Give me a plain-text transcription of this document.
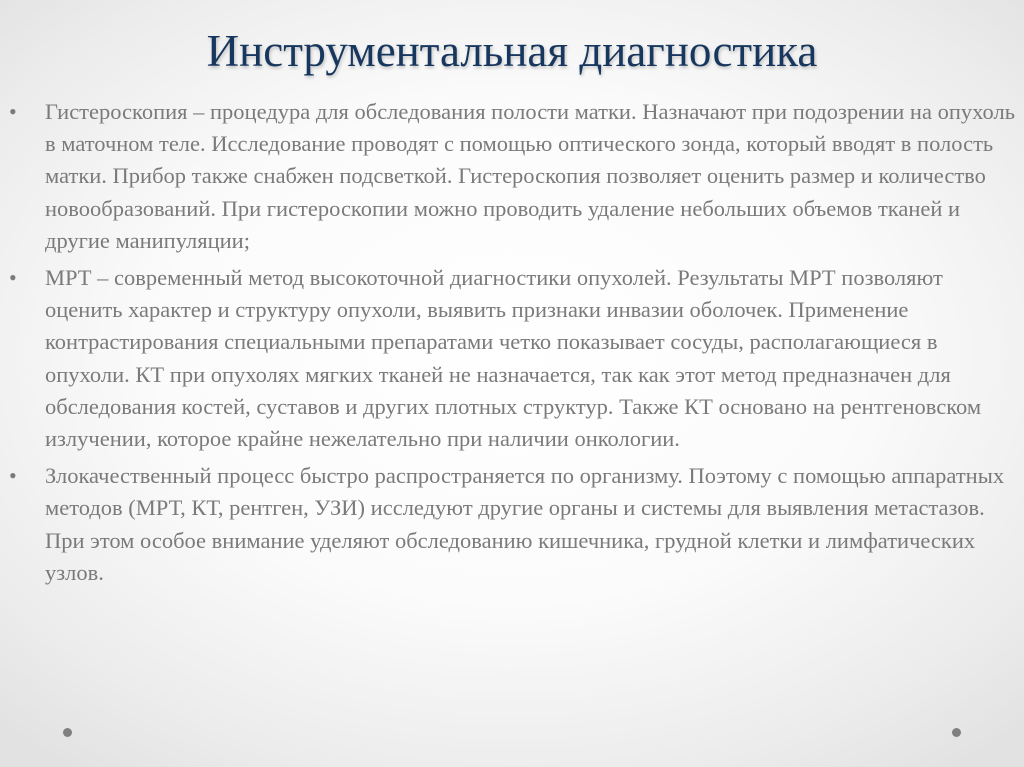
Инструментальная диагностика
• Гистероскопия – процедура для обследования полости матки. Назначают при подозрении на опухоль в маточном теле. Исследование проводят с помощью оптического зонда, который вводят в полость матки. Прибор также снабжен подсветкой. Гистероскопия позволяет оценить размер и количество новообразований. При гистероскопии можно проводить удаление небольших объемов тканей и другие манипуляции;
• МРТ – современный метод высокоточной диагностики опухолей. Результаты МРТ позволяют оценить характер и структуру опухоли, выявить признаки инвазии оболочек. Применение контрастирования специальными препаратами четко показывает сосуды, располагающиеся в опухоли. КТ при опухолях мягких тканей не назначается, так как этот метод предназначен для обследования костей, суставов и других плотных структур. Также КТ основано на рентгеновском излучении, которое крайне нежелательно при наличии онкологии.
• Злокачественный процесс быстро распространяется по организму. Поэтому с помощью аппаратных методов (МРТ, КТ, рентген, УЗИ) исследуют другие органы и системы для выявления метастазов. При этом особое внимание уделяют обследованию кишечника, грудной клетки и лимфатических узлов.
